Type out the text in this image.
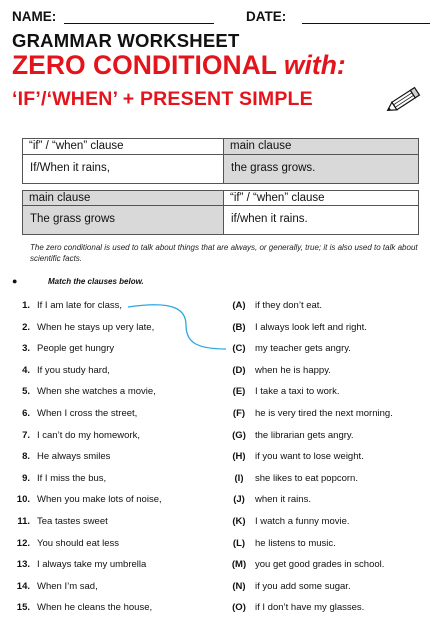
NAME:	DATE:
GRAMMAR WORKSHEET
ZERO CONDITIONAL with:
‘IF’/‘WHEN’ + PRESENT SIMPLE
“if” / “when” clause	main clause
If/When it rains,	the grass grows.
main clause	“if” / “when” clause
The grass grows	if/when it rains.
The zero conditional is used to talk about things that are always, or generally, true; it is also used to talk about scientific facts.
●	Match the clauses below.
1. If I am late for class,	(A) if they don’t eat.
2. When he stays up very late,	(B) I always look left and right.
3. People get hungry	(C) my teacher gets angry.
4. If you study hard,	(D) when he is happy.
5. When she watches a movie,	(E)	I take a taxi to work.
6. When I cross the street,	(F)	he is very tired the next morning.
7. I can’t do my homework,	(G) the librarian gets angry.
8. He always smiles	(H) if you want to lose weight.
9. If I miss the bus,	(I)	she likes to eat popcorn.
10. When you make lots of noise,	(J)	when it rains.
11. Tea tastes sweet	(K) I watch a funny movie.
12. You should eat less	(L)	he listens to music.
13. I always take my umbrella	(M) you get good grades in school.
14. When I’m sad,	(N) if you add some sugar.
15. When he cleans the house,	(O) if I don’t have my glasses.
